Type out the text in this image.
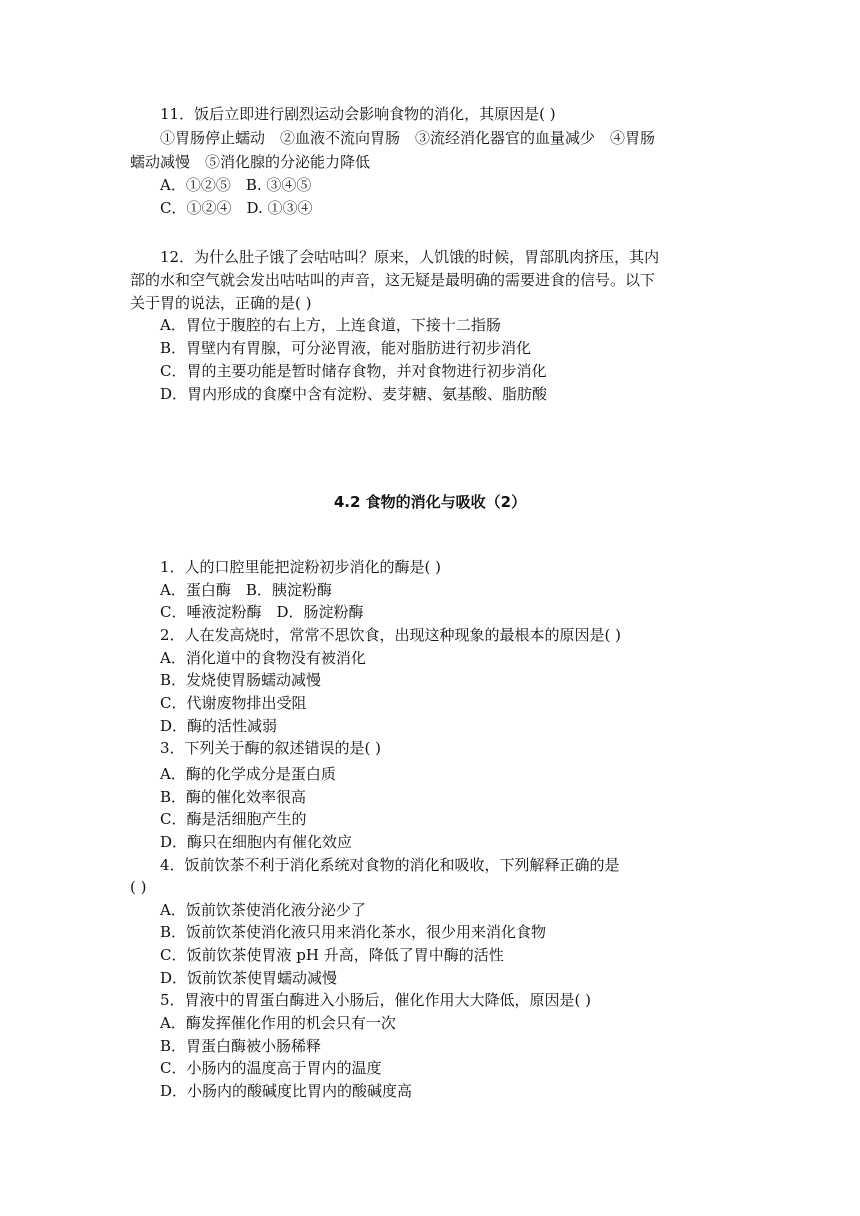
11．饭后立即进行剧烈运动会影响食物的消化，其原因是( )
①胃肠停止蠕动　②血液不流向胃肠　③流经消化器官的血量减少　④胃肠
蠕动减慢　⑤消化腺的分泌能力降低
A．①②⑤　B. ③④⑤
C．①②④　D. ①③④
12．为什么肚子饿了会咕咕叫？原来，人饥饿的时候，胃部肌肉挤压，其内
部的水和空气就会发出咕咕叫的声音，这无疑是最明确的需要进食的信号。以下
关于胃的说法，正确的是( )
A．胃位于腹腔的右上方，上连食道，下接十二指肠
B．胃壁内有胃腺，可分泌胃液，能对脂肪进行初步消化
C．胃的主要功能是暂时储存食物，并对食物进行初步消化
D．胃内形成的食糜中含有淀粉、麦芽糖、氨基酸、脂肪酸
4.2 食物的消化与吸收（2）
1．人的口腔里能把淀粉初步消化的酶是( )
A．蛋白酶　B．胰淀粉酶
C．唾液淀粉酶　D．肠淀粉酶
2．人在发高烧时，常常不思饮食，出现这种现象的最根本的原因是( )
A．消化道中的食物没有被消化
B．发烧使胃肠蠕动减慢
C．代谢废物排出受阻
D．酶的活性减弱
3．下列关于酶的叙述错误的是( )
A．酶的化学成分是蛋白质
B．酶的催化效率很高
C．酶是活细胞产生的
D．酶只在细胞内有催化效应
4．饭前饮茶不利于消化系统对食物的消化和吸收，下列解释正确的是
( )
A．饭前饮茶使消化液分泌少了
B．饭前饮茶使消化液只用来消化茶水，很少用来消化食物
C．饭前饮茶使胃液 pH 升高，降低了胃中酶的活性
D．饭前饮茶使胃蠕动减慢
5．胃液中的胃蛋白酶进入小肠后，催化作用大大降低，原因是( )
A．酶发挥催化作用的机会只有一次
B．胃蛋白酶被小肠稀释
C．小肠内的温度高于胃内的温度
D．小肠内的酸碱度比胃内的酸碱度高
